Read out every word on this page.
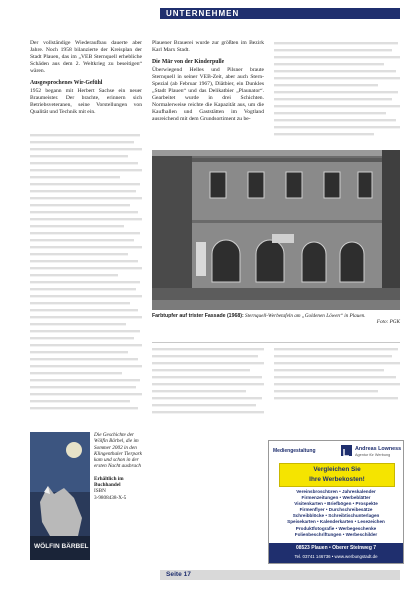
UNTERNEHMEN

Der vollständige Wiederaufbau dauerte aber Jahre. Noch 1958 bilanzierte der Kreisplan der Stadt Plauen, das im „VEB Sternquell erhebliche Schäden aus dem 2. Weltkrieg zu beseitigen“ wären.

Ausgesprochenes Wir-Gefühl

1952 begann mit Herbert Sachse ein neuer Braumeister. Der brachte, erinnern sich Betriebsveteranen, seine Vorstellungen von Qualität und Technik mit ein.

Plauener Brauerei wurde zur größten im Bezirk Karl Marx Stadt.

Die Mär von der Kinderpulle

Überwiegend Helles und Pilsner braute Sternquell in seiner VEB-Zeit, aber auch Stern-Spezial (ab Februar 1967), Diätbier, ein Dunkles „Stadt Plauen“ und das Delikatbier „Plaunator“. Gearbeitet wurde in drei Schichten. Normalerweise reichte die Kapazität aus, um die Kaufhallen und Gaststätten im Vogtland ausreichend mit dem Grundsortiment zu be-

Farbtupfer auf trister Fassade (1968): Sternquell-Werbetafeln am „Goldenen Löwen“ in Plauen.
Foto: PGK
WÖLFIN BÄRBEL
Die Geschichte der Wölfin Bärbel, die im Sommer 2002 in den Klingenthaler Tierpark kam und schon in der ersten Nacht ausbrach
Erhältlich im Buchhandel
ISBN
3-9808438-X-5
Mediengestaltung	Andreas Lowness
Agentur für Werbung
Vergleichen Sie
Ihre Werbekosten!
Vereinsbroschüren • Jahreskalender
Firmenzeitungen • Werbeblätter
Visitenkarten • Briefbögen • Prospekte
Firmenflyer • Durchschreibesätze
Schreibblöcke • Schreibtischunterlagen
Speisekarten • Kalenderkarten • Lesezeichen
Produktfotografie • Werbegeschenke
Folienbeschriftungen • Werbeschilder
08523 Plauen • Oberer Steinweg 7
Tel. 03741 146736 • www.werbungstadt.de
Seite 17
